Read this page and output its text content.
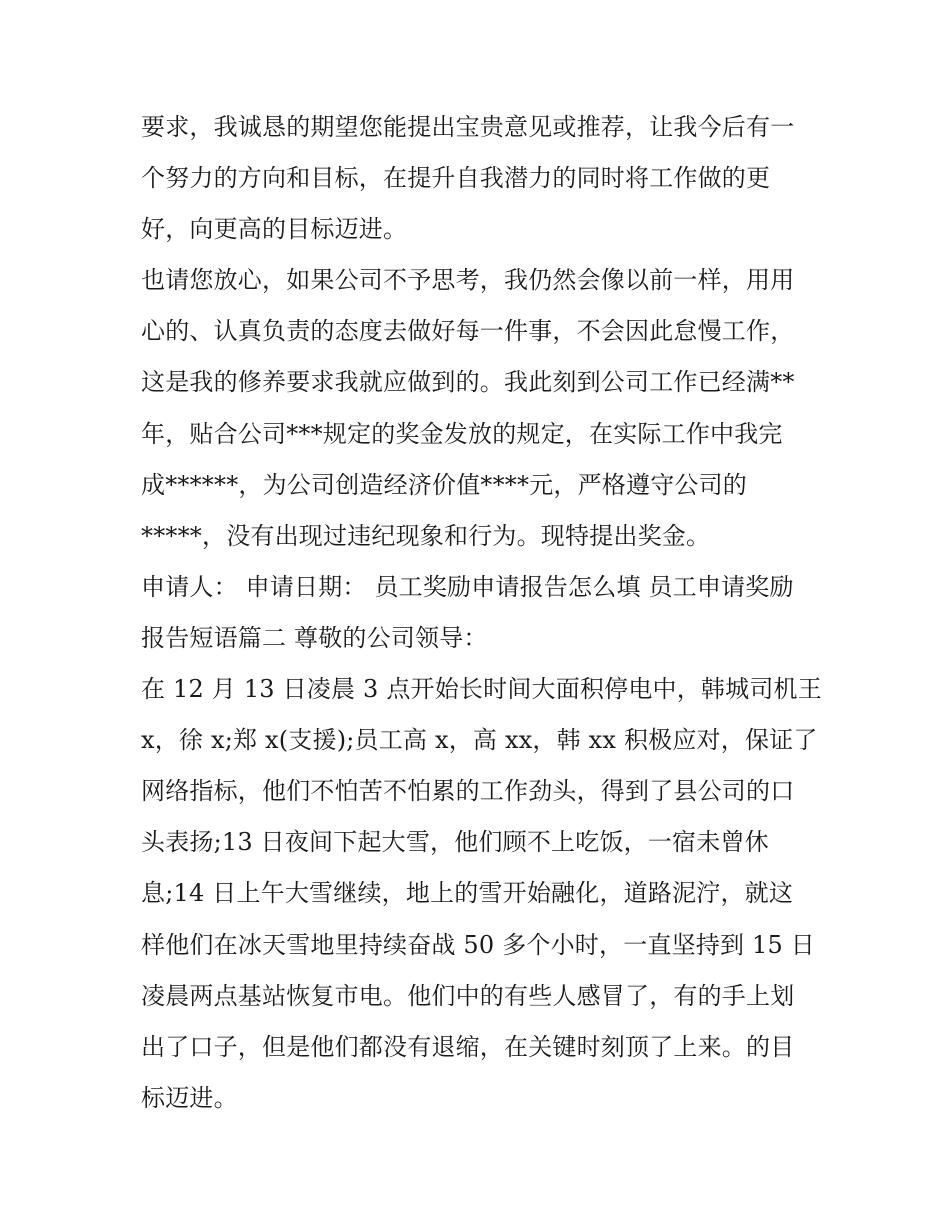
要求，我诚恳的期望您能提出宝贵意见或推荐，让我今后有一
个努力的方向和目标，在提升自我潜力的同时将工作做的更
好，向更高的目标迈进。
也请您放心，如果公司不予思考，我仍然会像以前一样，用用
心的、认真负责的态度去做好每一件事，不会因此怠慢工作，
这是我的修养要求我就应做到的。我此刻到公司工作已经满**
年，贴合公司***规定的奖金发放的规定，在实际工作中我完
成******，为公司创造经济价值****元，严格遵守公司的
*****，没有出现过违纪现象和行为。现特提出奖金。
申请人： 申请日期： 员工奖励申请报告怎么填 员工申请奖励
报告短语篇二 尊敬的公司领导：
在 12 月 13 日凌晨 3 点开始长时间大面积停电中，韩城司机王
x，徐 x;郑 x(支援);员工高 x，高 xx，韩 xx 积极应对，保证了
网络指标，他们不怕苦不怕累的工作劲头，得到了县公司的口
头表扬;13 日夜间下起大雪，他们顾不上吃饭，一宿未曾休
息;14 日上午大雪继续，地上的雪开始融化，道路泥泞，就这
样他们在冰天雪地里持续奋战 50 多个小时，一直坚持到 15 日
凌晨两点基站恢复市电。他们中的有些人感冒了，有的手上划
出了口子，但是他们都没有退缩，在关键时刻顶了上来。的目
标迈进。
